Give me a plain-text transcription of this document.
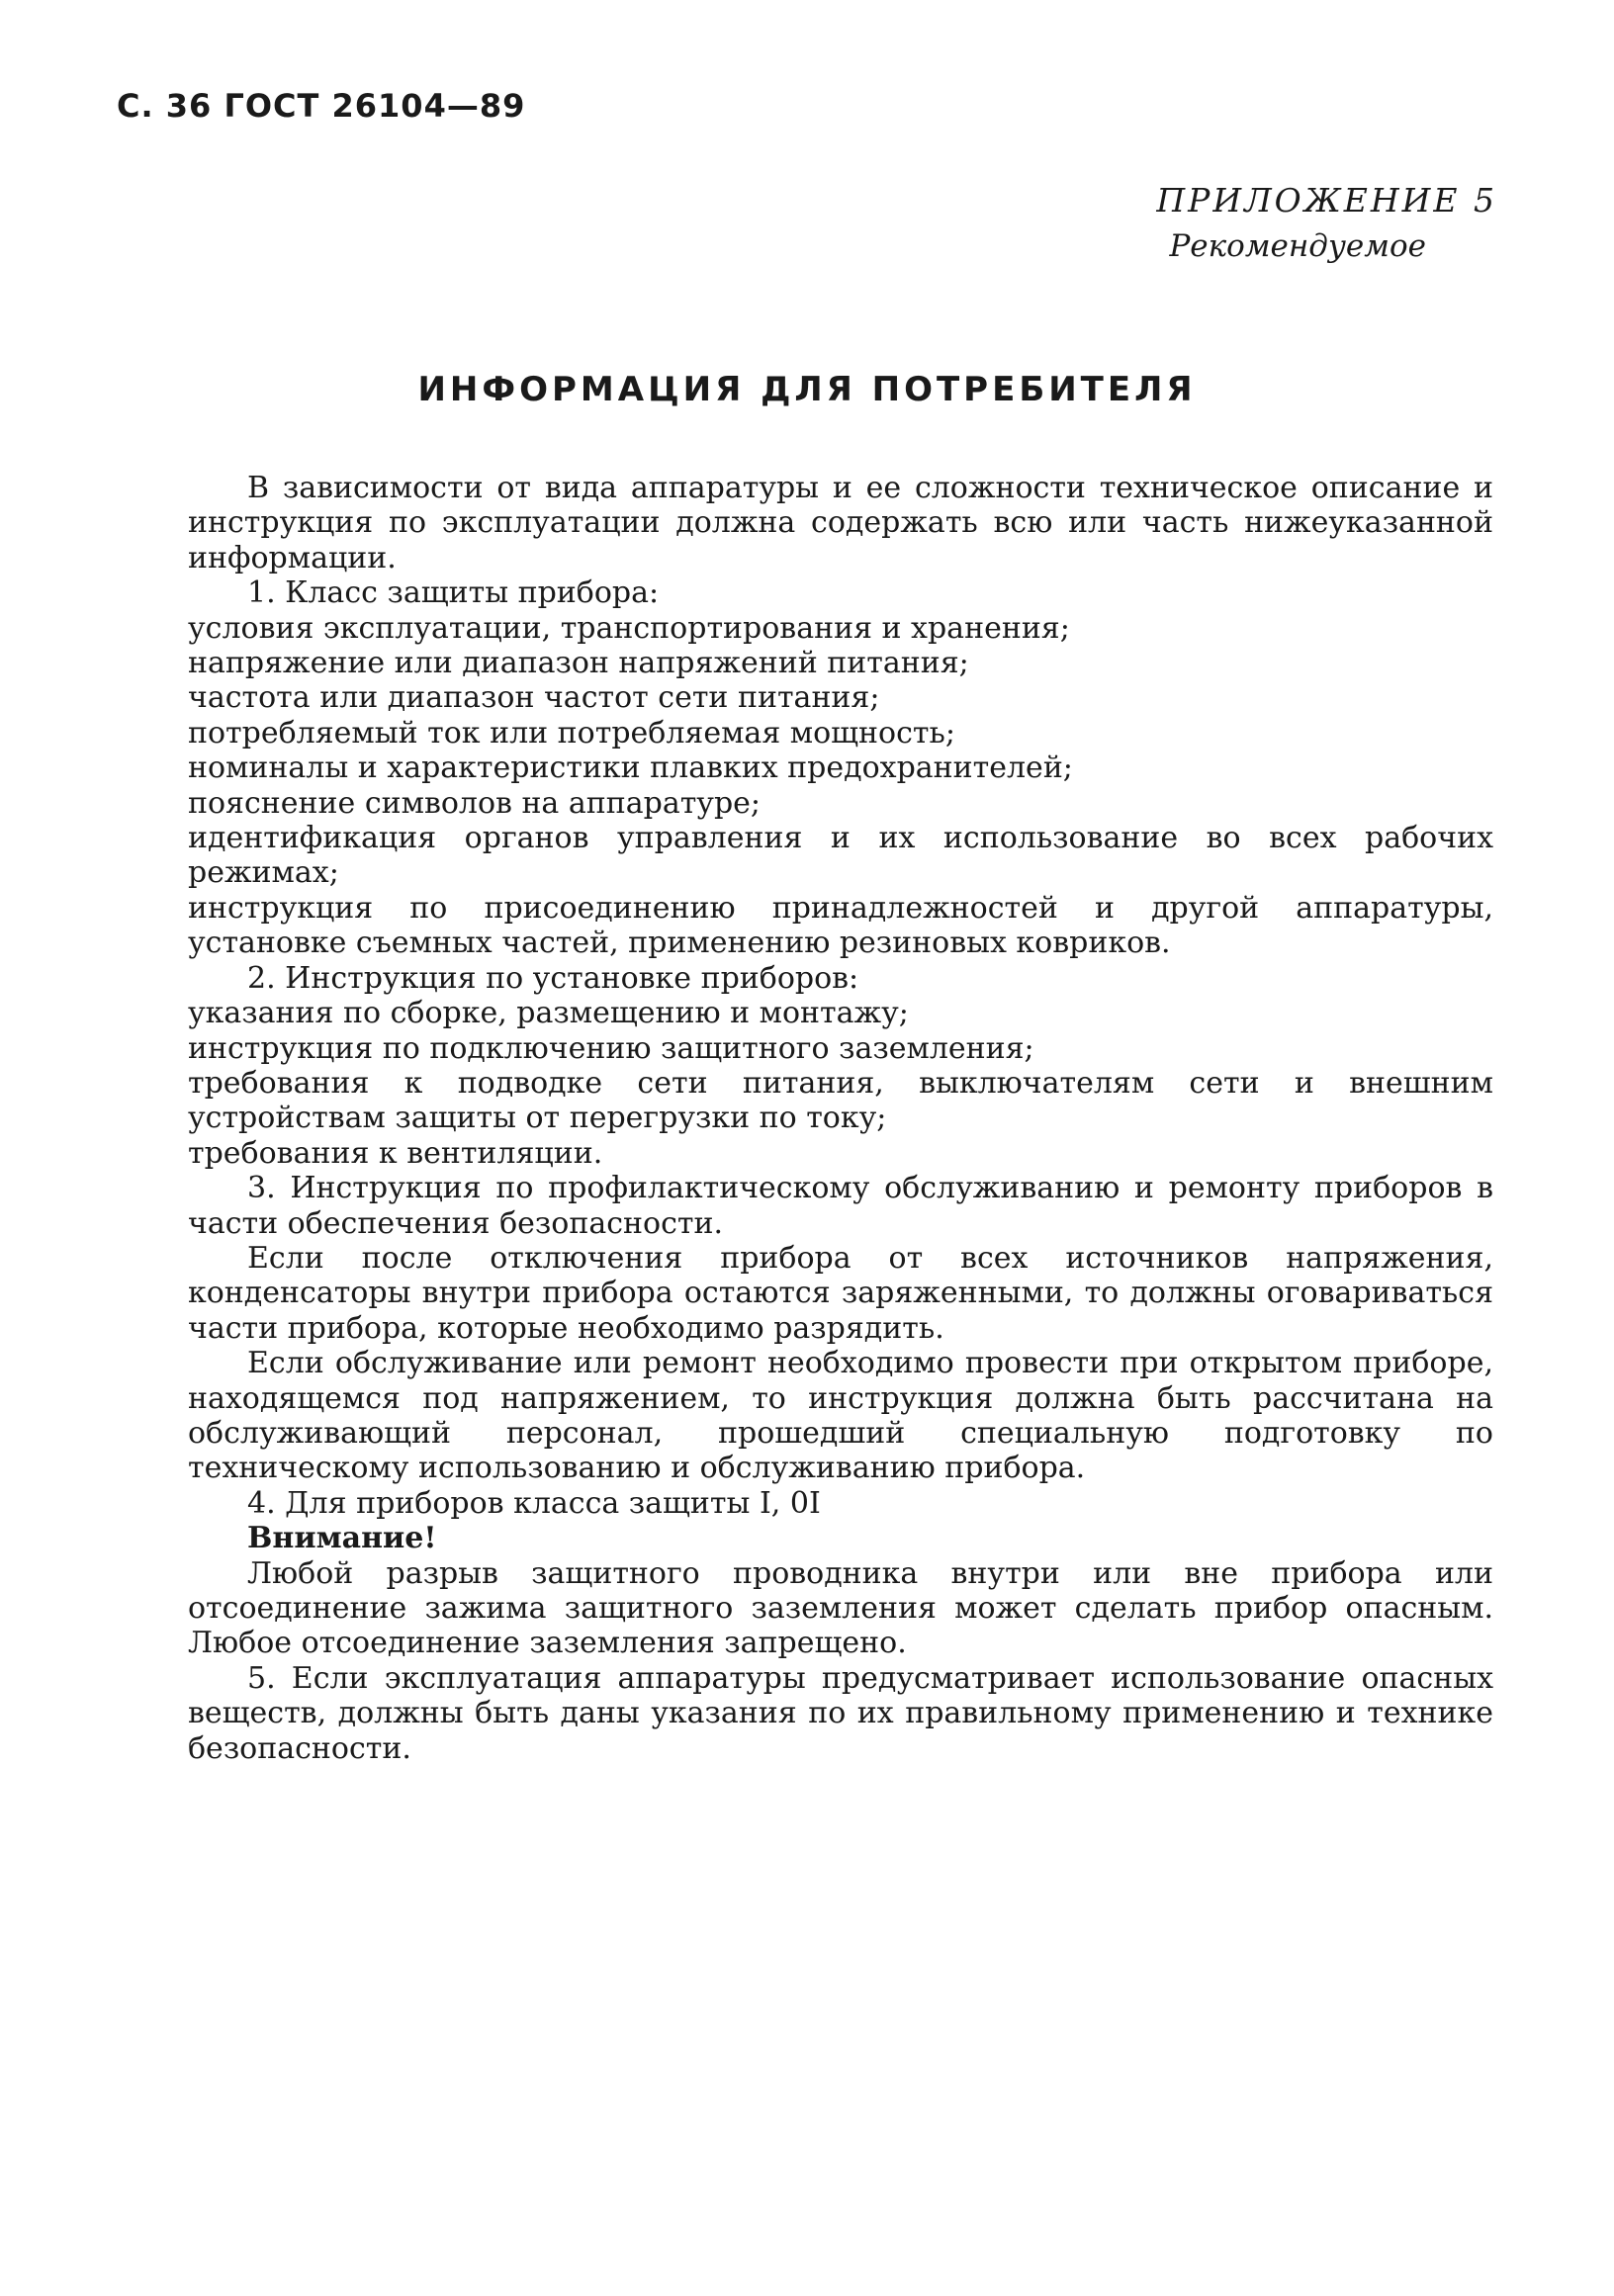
С. 36 ГОСТ 26104—89
ПРИЛОЖЕНИЕ 5
Рекомендуемое
ИНФОРМАЦИЯ ДЛЯ ПОТРЕБИТЕЛЯ

В зависимости от вида аппаратуры и ее сложности техническое описание и инструкция по эксплуатации должна содержать всю или часть нижеуказанной информации.

1. Класс защиты прибора:

условия эксплуатации, транспортирования и хранения;

напряжение или диапазон напряжений питания;

частота или диапазон частот сети питания;

потребляемый ток или потребляемая мощность;

номиналы и характеристики плавких предохранителей;

пояснение символов на аппаратуре;

идентификация органов управления и их использование во всех рабочих режимах;

инструкция по присоединению принадлежностей и другой аппаратуры, установке съемных частей, применению резиновых ковриков.

2. Инструкция по установке приборов:

указания по сборке, размещению и монтажу;

инструкция по подключению защитного заземления;

требования к подводке сети питания, выключателям сети и внешним устройствам защиты от перегрузки по току;

требования к вентиляции.

3. Инструкция по профилактическому обслуживанию и ремонту приборов в части обеспечения безопасности.

Если после отключения прибора от всех источников напряжения, конденсаторы внутри прибора остаются заряженными, то должны оговариваться части прибора, которые необходимо разрядить.

Если обслуживание или ремонт необходимо провести при открытом приборе, находящемся под напряжением, то инструкция должна быть рассчитана на обслуживающий персонал, прошедший специальную подготовку по техническому использованию и обслуживанию прибора.

4. Для приборов класса защиты I, 0I

Внимание!

Любой разрыв защитного проводника внутри или вне прибора или отсоединение зажима защитного заземления может сделать прибор опасным. Любое отсоединение заземления запрещено.

5. Если эксплуатация аппаратуры предусматривает использование опасных веществ, должны быть даны указания по их правильному применению и технике безопасности.
